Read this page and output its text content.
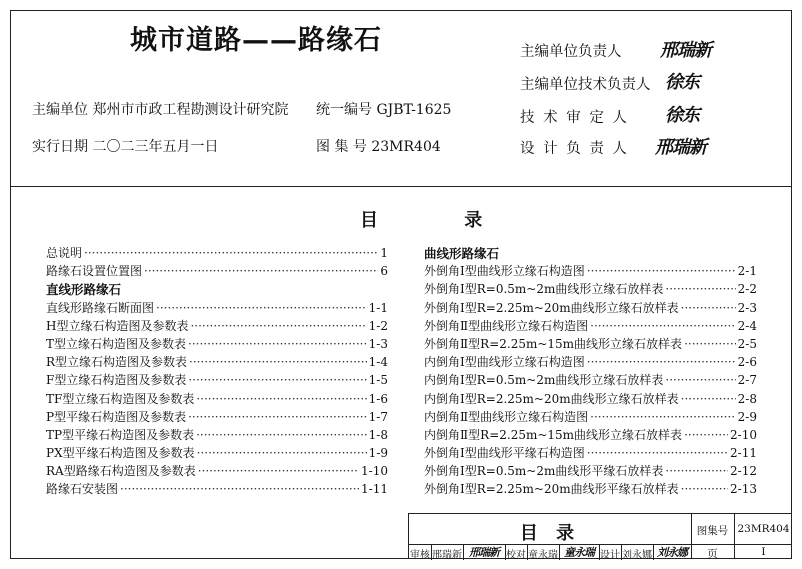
城市道路——路缘石
主编单位 郑州市市政工程勘测设计研究院 统一编号 GJBT-1625
实行日期 二〇二三年五月一日	图 集 号 23MR404
主编单位负责人 邢瑞新
主编单位技术负责人 徐东
技 术 审 定 人 徐东
设 计 负 责 人 邢瑞新
目 录
总说明 ·····	1
路缘石设置位置图 ·····	6
直线形路缘石
直线形路缘石断面图 ·····	1-1
H型立缘石构造图及参数表 ·····	1-2
T型立缘石构造图及参数表 ·····	1-3
R型立缘石构造图及参数表 ·····	1-4
F型立缘石构造图及参数表 ·····	1-5
TF型立缘石构造图及参数表 ·····	1-6
P型平缘石构造图及参数表 ·····	1-7
TP型平缘石构造图及参数表 ·····	1-8
PX型平缘石构造图及参数表 ·····	1-9
RA型路缘石构造图及参数表 ·····	1-10
路缘石安装图 ·····	1-11
曲线形路缘石
外倒角Ⅰ型曲线形立缘石构造图 ·····	2-1
外倒角Ⅰ型R=0.5m~2m曲线形立缘石放样表 ·····	2-2
外倒角Ⅰ型R=2.25m~20m曲线形立缘石放样表 ·····	2-3
外倒角Ⅱ型曲线形立缘石构造图 ·····	2-4
外倒角Ⅱ型R=2.25m~15m曲线形立缘石放样表 ·····	2-5
内倒角Ⅰ型曲线形立缘石构造图 ·····	2-6
内倒角Ⅰ型R=0.5m~2m曲线形立缘石放样表 ·····	2-7
内倒角Ⅰ型R=2.25m~20m曲线形立缘石放样表 ·····	2-8
内倒角Ⅱ型曲线形立缘石构造图 ·····	2-9
内倒角Ⅱ型R=2.25m~15m曲线形立缘石放样表 ·····	2-10
外倒角Ⅰ型曲线形平缘石构造图 ·····	2-11
外倒角Ⅰ型R=0.5m~2m曲线形平缘石放样表 ·····	2-12
外倒角Ⅰ型R=2.25m~20m曲线形平缘石放样表 ·····	2-13
目 录	图集号 23MR404
审核 邢瑞新 邢瑞新 校对 童永瑞 童永瑞 设计 刘永娜 刘永娜	页	I
